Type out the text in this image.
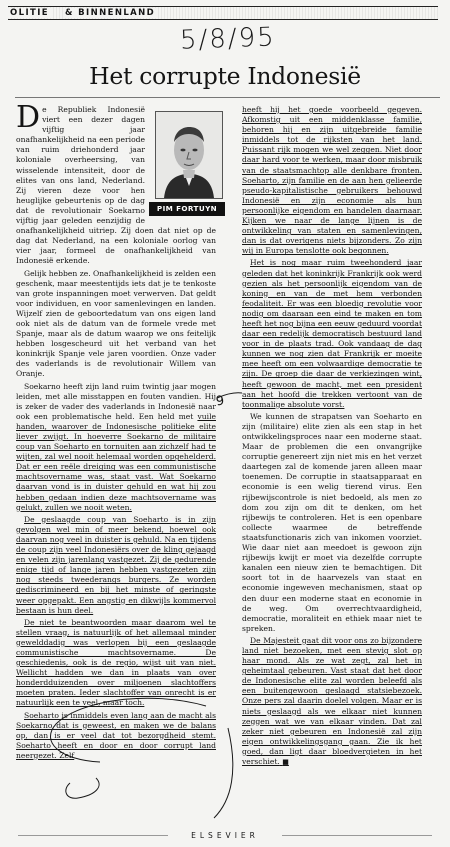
OLITIE & BINNENLAND
5/8/95
Het corrupte Indonesië
PIM FORTUYN

De Republiek Indonesië viert een dezer dagen vijftig jaar onafhankelijkheid na een periode van ruim driehonderd jaar koloniale overheersing, van wisselende intensiteit, door de elites van ons land, Nederland. Zij vieren deze voor hen heuglijke gebeurtenis op de dag dat de revolutionair Soekarno vijftig jaar geleden eenzijdig de onafhankelijkheid uitriep. Zij doen dat niet op de dag dat Nederland, na een koloniale oorlog van vier jaar, formeel de onafhankelijkheid van Indonesië erkende.

Gelijk hebben ze. Onafhankelijkheid is zelden een geschenk, maar meestentijds iets dat je te tenkoste van grote inspanningen moet verwerven. Dat geldt voor individuen, en voor samenlevingen en landen. Wijzelf zien de geboortedatum van ons eigen land ook niet als de datum van de formele vrede met Spanje, maar als de datum waarop we ons feitelijk hebben losgescheurd uit het verband van het koninkrijk Spanje vele jaren voordien. Onze vader des vaderlands is de revolutionair Willem van Oranje.

Soekarno heeft zijn land ruim twintig jaar mogen leiden, met alle misstappen en fouten vandien. Hij is zeker de vader des vaderlands in Indonesië naar ook een problematische held. Een held met vuile handen, waarover de Indonesische politieke elite liever zwijgt. In hoeverre Soekarno de militaire coup van Soeharto en tornuiten aan zichzelf had te wijten, zal wel nooit helemaal worden opgehelderd. Dat er een reële dreiging was een communistische machtsovername was, staat vast. Wat Soekarno daarvan vond is in duister gehuld en wat hij zou hebben gedaan indien deze machtsovername was gelukt, zullen we nooit weten.

De geslaagde coup van Soeharto is in zijn gevolgen wel min of meer bekend, hoewel ook daarvan nog veel in duister is gehuld. Na en tijdens de coup zijn veel Indonesiërs over de kling gejaagd en velen zijn jarenlang vastgezet. Zij de gedurende enige tijd of lange jaren hebben vastgezeten zijn nog steeds tweederangs burgers. Ze worden gediscrimineerd en bij het minste of geringste weer opgepakt. Een angstig en dikwijls kommervol bestaan is hun deel.

De niet te beantwoorden maar daarom wel te stellen vraag, is natuurlijk of het allemaal minder gewelddadig was verlopen bij een geslaagde communistische machtsovername. De geschiedenis, ook is de regio, wijst uit van niet. Wellicht hadden we dan in plaats van over honderdduizenden over miljoenen slachtoffers moeten praten. Ieder slachtoffer van onrecht is er natuurlijk een te veel, maar toch.

Soeharto is inmiddels even lang aan de macht als Soekarno dat is geweest, en maken we de balans op, dan is er veel dat tot bezorgdheid stemt. Soeharto heeft en door en door corrupt land neergezet. Zelf

heeft hij het goede voorbeeld gegeven. Afkomstig uit een middenklasse familie, behoren hij en zijn uitgebreide familie inmiddels tot de rijksten van het land. Puissant rijk mogen we wel zeggen. Niet door daar hard voor te werken, maar door misbruik van de staatsmachtop alle denkbare fronten. Soeharto, zijn familie en de aan hen gelieerde pseudo-kapitalistische gebruikers behouwd Indonesië en zijn economie als hun persoonlijke eigendom en handelen daarnaar. Kijken we naar de lange lijnen is de ontwikkeling van staten en samenlevingen, dan is dat overigens niets bijzonders. Zo zijn wij in Europa tenslotte ook begonnen.

Het is nog maar ruim tweehonderd jaar geleden dat het koninkrijk Frankrijk ook werd gezien als het persoonlijk eigendom van de koning en van de met hem verbonden feodaliteit. Er was een bloedig revolutie voor nodig om daaraan een eind te maken en tom heeft het nog bijna een eeuw geduurd voordat daar een redelijk democratisch bestuurd land voor in de plaats trad. Ook vandaag de dag kunnen we nog zien dat Frankrijk er moeite mee heeft om een volwaardige democratie te zijn. De groep die daar de verkiezingen wint, heeft gewoon de macht, met een president aan het hoofd die trekken vertoont van de toonmalige absolute vorst.

We kunnen de strapatsen van Soeharto en zijn (militaire) elite zien als een stap in het ontwikkelingsproces naar een moderne staat. Maar de problemen die een onvangrijke corruptie genereert zijn niet mis en het verzet daartegen zal de komende jaren alleen maar toenemen. De corruptie in staatsapparaat en economie is een welig tierend virus. Een rijbewijscontrole is niet bedoeld, als men zo dom zou zijn om dit te denken, om het rijbewijs te controleren. Het is een openbare collecte waarmee de betreffende staatsfunctionaris zich van inkomen voorziet. Wie daar niet aan meedoet is gewoon zijn rijbewijs kwijt er moet via dezelfde corrupte kanalen een nieuw zien te bemachtigen. Dit soort tot in de haarvezels van staat en economie ingeweven mechanismen, staat op den duur een moderne staat en economie in de weg. Om overrechtvaardigheid, democratie, moraliteit en ethiek maar niet te spreken.

De Majesteit gaat dit voor ons zo bijzondere land niet bezoeken, met een stevig slot op haar mond. Als ze wat zegt, zal het in geheimtaal gebeuren. Vast staat dat het door de Indonesische elite zal worden beleefd als een buitengewoon geslaagd statsiebezoek. Onze pers zal daarin doelel volgen. Maar er is niets geslaagd als we elkaar niet kunnen zeggen wat we van elkaar vinden. Dat zal zeker niet gebeuren en Indonesië zal zijn eigen ontwikkelingsgang gaan. Zie ik het goed, dan ligt daar bloedvergieten in het verschiet. ■

9
ELSEVIER
